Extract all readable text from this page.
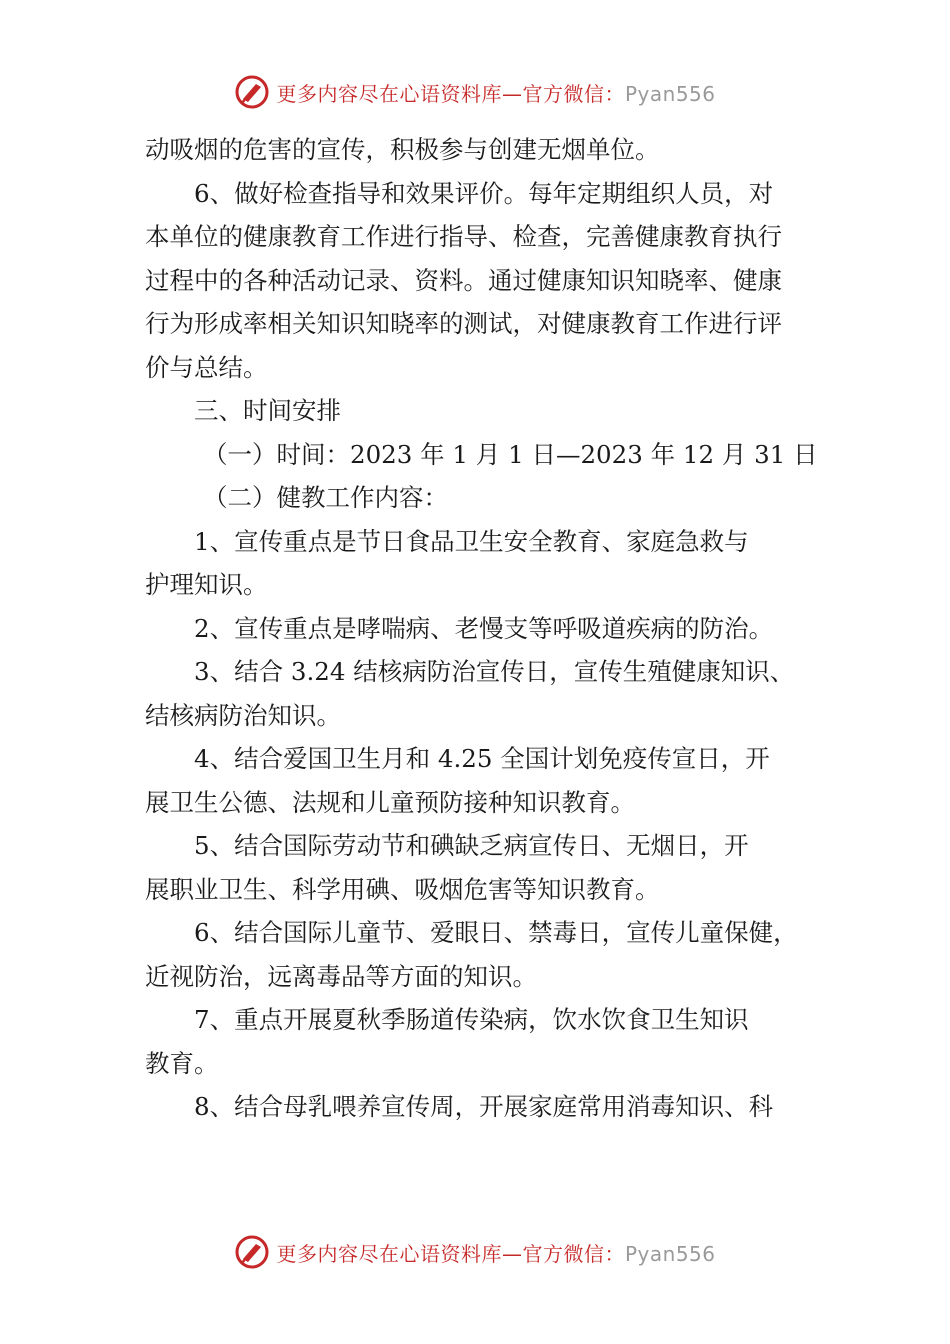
更多内容尽在心语资料库—官方微信：Pyan556

动吸烟的危害的宣传，积极参与创建无烟单位。

6、做好检查指导和效果评价。每年定期组织人员，对

本单位的健康教育工作进行指导、检查，完善健康教育执行

过程中的各种活动记录、资料。通过健康知识知晓率、健康

行为形成率相关知识知晓率的测试，对健康教育工作进行评

价与总结。

三、时间安排

（一）时间：2023 年 1 月 1 日—2023 年 12 月 31 日

（二）健教工作内容：

1、宣传重点是节日食品卫生安全教育、家庭急救与

护理知识。

2、宣传重点是哮喘病、老慢支等呼吸道疾病的防治。

3、结合 3.24 结核病防治宣传日，宣传生殖健康知识、

结核病防治知识。

4、结合爱国卫生月和 4.25 全国计划免疫传宣日，开

展卫生公德、法规和儿童预防接种知识教育。

5、结合国际劳动节和碘缺乏病宣传日、无烟日，开

展职业卫生、科学用碘、吸烟危害等知识教育。

6、结合国际儿童节、爱眼日、禁毒日，宣传儿童保健，

近视防治，远离毒品等方面的知识。

7、重点开展夏秋季肠道传染病，饮水饮食卫生知识

教育。

8、结合母乳喂养宣传周，开展家庭常用消毒知识、科

更多内容尽在心语资料库—官方微信：Pyan556
